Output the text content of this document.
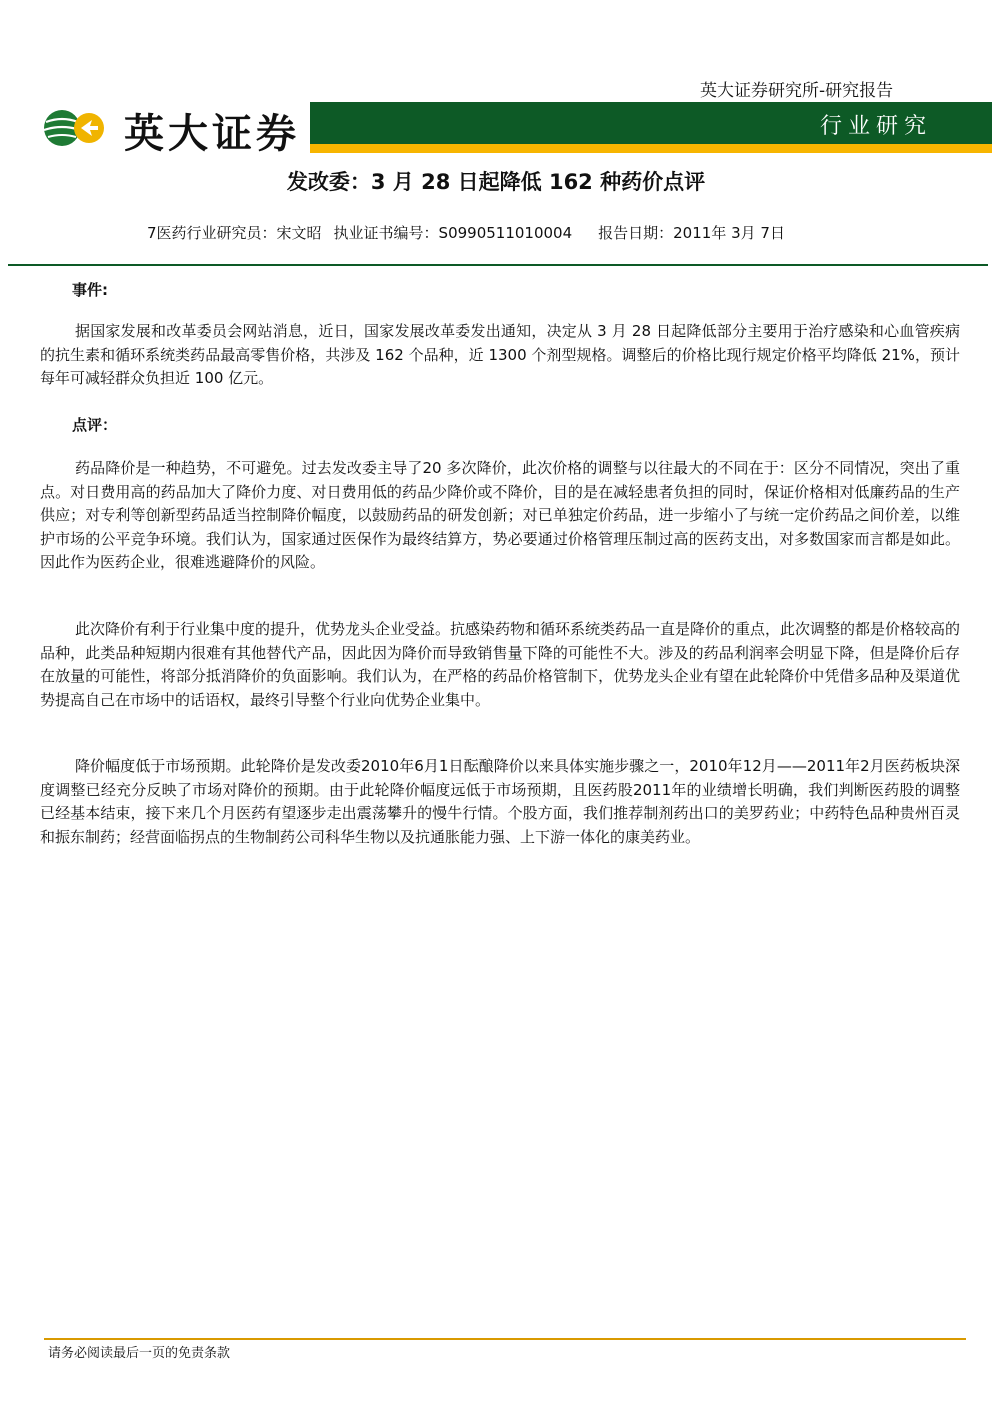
英大证券研究所-研究报告
英大证券	行业研究
发改委：3 月 28 日起降低 162 种药价点评
7医药行业研究员：宋文昭 执业证书编号：S0990511010004 报告日期：2011年 3月 7日
事件:

据国家发展和改革委员会网站消息，近日，国家发展改革委发出通知，决定从 3 月 28 日起降低部分主要用于治疗感染和心血管疾病的抗生素和循环系统类药品最高零售价格，共涉及 162 个品种，近 1300 个剂型规格。调整后的价格比现行规定价格平均降低 21%，预计每年可减轻群众负担近 100 亿元。

点评：

药品降价是一种趋势，不可避免。过去发改委主导了20 多次降价，此次价格的调整与以往最大的不同在于：区分不同情况，突出了重点。对日费用高的药品加大了降价力度、对日费用低的药品少降价或不降价，目的是在减轻患者负担的同时，保证价格相对低廉药品的生产供应；对专利等创新型药品适当控制降价幅度，以鼓励药品的研发创新；对已单独定价药品，进一步缩小了与统一定价药品之间价差，以维护市场的公平竞争环境。我们认为，国家通过医保作为最终结算方，势必要通过价格管理压制过高的医药支出，对多数国家而言都是如此。因此作为医药企业，很难逃避降价的风险。

此次降价有利于行业集中度的提升，优势龙头企业受益。抗感染药物和循环系统类药品一直是降价的重点，此次调整的都是价格较高的品种，此类品种短期内很难有其他替代产品，因此因为降价而导致销售量下降的可能性不大。涉及的药品利润率会明显下降，但是降价后存在放量的可能性，将部分抵消降价的负面影响。我们认为，在严格的药品价格管制下，优势龙头企业有望在此轮降价中凭借多品种及渠道优势提高自己在市场中的话语权，最终引导整个行业向优势企业集中。

降价幅度低于市场预期。此轮降价是发改委2010年6月1日酝酿降价以来具体实施步骤之一，2010年12月——2011年2月医药板块深度调整已经充分反映了市场对降价的预期。由于此轮降价幅度远低于市场预期，且医药股2011年的业绩增长明确，我们判断医药股的调整已经基本结束，接下来几个月医药有望逐步走出震荡攀升的慢牛行情。个股方面，我们推荐制剂药出口的美罗药业；中药特色品种贵州百灵和振东制药；经营面临拐点的生物制药公司科华生物以及抗通胀能力强、上下游一体化的康美药业。

请务必阅读最后一页的免责条款
